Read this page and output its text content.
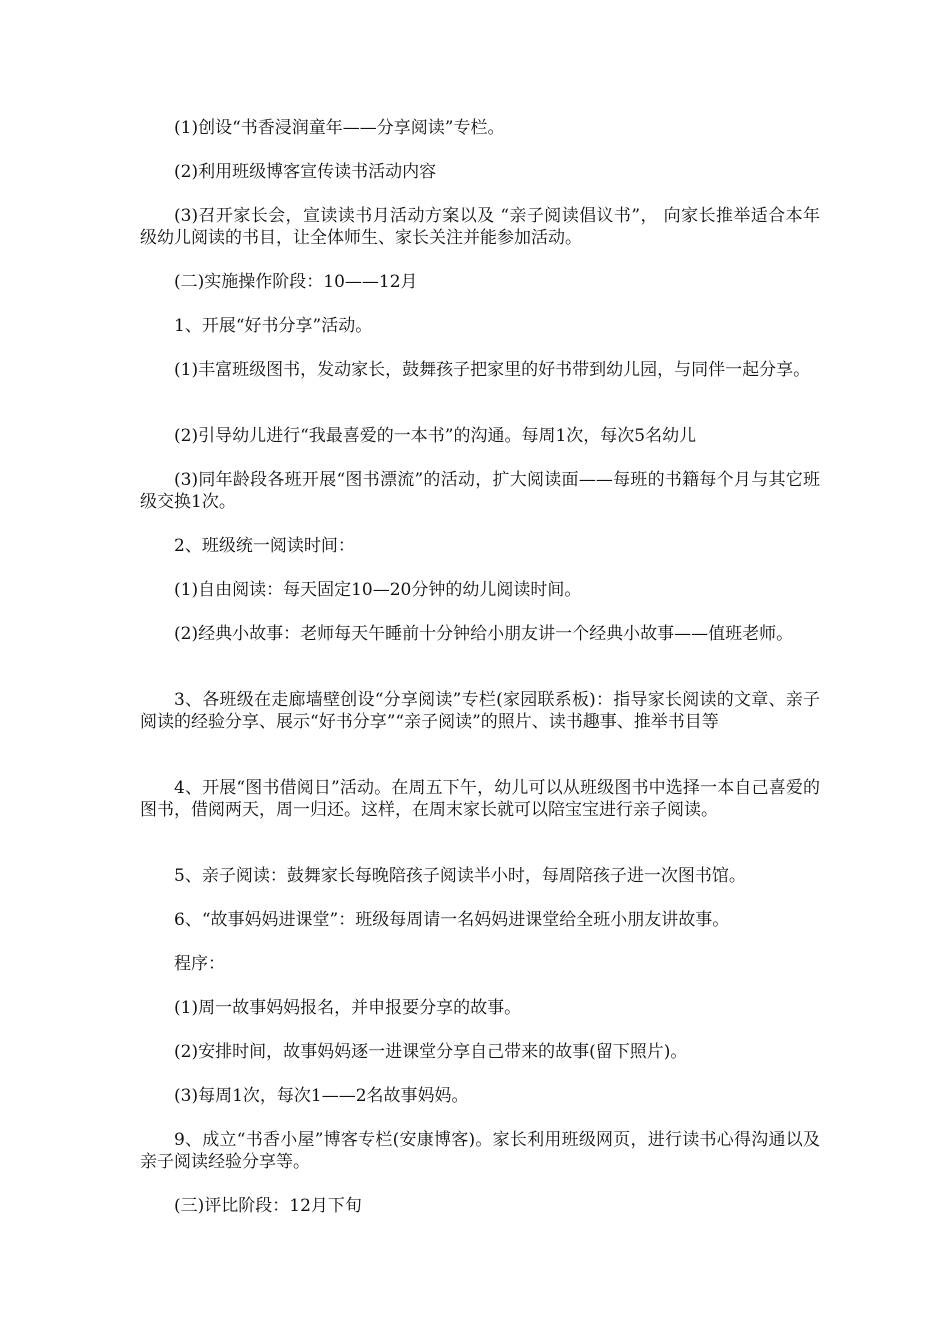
(1)创设“书香浸润童年——分享阅读”专栏。

(2)利用班级博客宣传读书活动内容

(3)召开家长会，宣读读书月活动方案以及 “亲子阅读倡议书”， 向家长推举适合本年级幼儿阅读的书目，让全体师生、家长关注并能参加活动。

(二)实施操作阶段：10——12月

1、开展“好书分享”活动。

(1)丰富班级图书，发动家长，鼓舞孩子把家里的好书带到幼儿园，与同伴一起分享。

(2)引导幼儿进行“我最喜爱的一本书”的沟通。每周1次，每次5名幼儿

(3)同年龄段各班开展“图书漂流”的活动，扩大阅读面——每班的书籍每个月与其它班级交换1次。

2、班级统一阅读时间：

(1)自由阅读：每天固定10—20分钟的幼儿阅读时间。

(2)经典小故事：老师每天午睡前十分钟给小朋友讲一个经典小故事——值班老师。

3、各班级在走廊墙壁创设“分享阅读”专栏(家园联系板)：指导家长阅读的文章、亲子阅读的经验分享、展示“好书分享”“亲子阅读”的照片、读书趣事、推举书目等

4、开展“图书借阅日”活动。在周五下午，幼儿可以从班级图书中选择一本自己喜爱的图书，借阅两天，周一归还。这样，在周末家长就可以陪宝宝进行亲子阅读。

5、亲子阅读：鼓舞家长每晚陪孩子阅读半小时，每周陪孩子进一次图书馆。

6、“故事妈妈进课堂”：班级每周请一名妈妈进课堂给全班小朋友讲故事。

程序：

(1)周一故事妈妈报名，并申报要分享的故事。

(2)安排时间，故事妈妈逐一进课堂分享自己带来的故事(留下照片)。

(3)每周1次，每次1——2名故事妈妈。

9、成立“书香小屋”博客专栏(安康博客)。家长利用班级网页，进行读书心得沟通以及亲子阅读经验分享等。

(三)评比阶段：12月下旬
